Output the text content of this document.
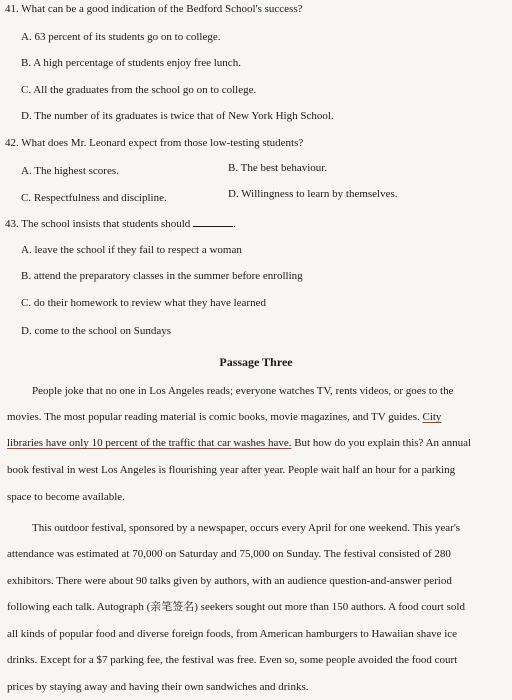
41. What can be a good indication of the Bedford School's success?
A. 63 percent of its students go on to college.
B. A high percentage of students enjoy free lunch.
C. All the graduates from the school go on to college.
D. The number of its graduates is twice that of New York High School.
42. What does Mr. Leonard expect from those low-testing students?
A. The highest scores.	B. The best behaviour.
C. Respectfulness and discipline.	D. Willingness to learn by themselves.
43. The school insists that students should	.
A. leave the school if they fail to respect a woman
B. attend the preparatory classes in the summer before enrolling
C. do their homework to review what they have learned
D. come to the school on Sundays
Passage Three
People joke that no one in Los Angeles reads; everyone watches TV, rents videos, or goes to the
movies. The most popular reading material is comic books, movie magazines, and TV guides. City
libraries have only 10 percent of the traffic that car washes have. But how do you explain this? An annual
book festival in west Los Angeles is flourishing year after year. People wait half an hour for a parking
space to become available.
This outdoor festival, sponsored by a newspaper, occurs every April for one weekend. This year's
attendance was estimated at 70,000 on Saturday and 75,000 on Sunday. The festival consisted of 280
exhibitors. There were about 90 talks given by authors, with an audience question-and-answer period
following each talk. Autograph (亲笔签名) seekers sought out more than 150 authors. A food court sold
all kinds of popular food and diverse foreign foods, from American hamburgers to Hawaiian shave ice
drinks. Except for a $7 parking fee, the festival was free. Even so, some people avoided the food court
prices by staying away and having their own sandwiches and drinks.
